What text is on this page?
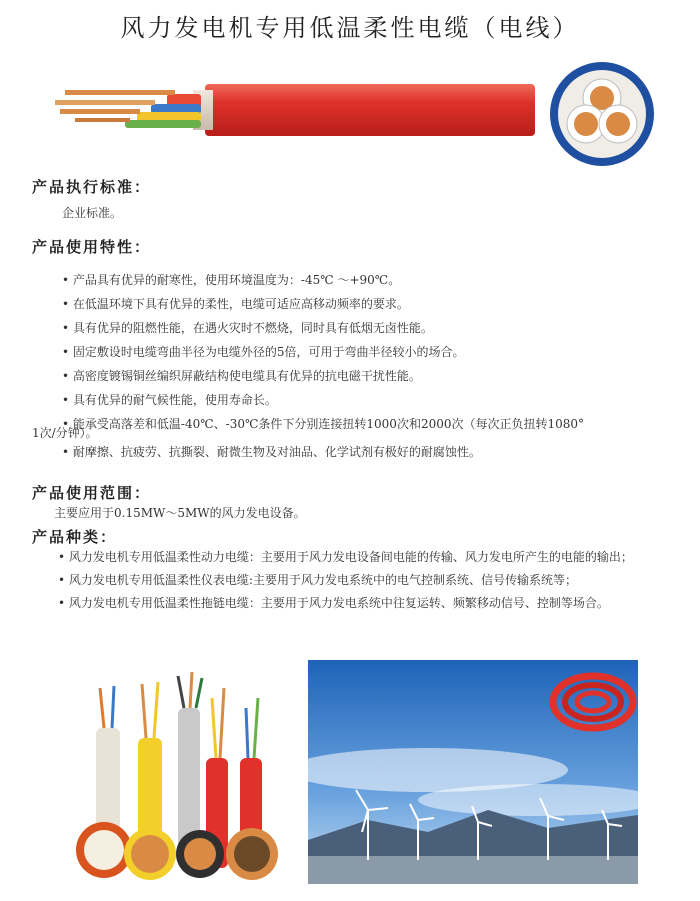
风力发电机专用低温柔性电缆（电线）
产品执行标准：
企业标准。
产品使用特性：
• 产品具有优异的耐寒性，使用环境温度为：-45℃ ～+90℃。
• 在低温环境下具有优异的柔性，电缆可适应高移动频率的要求。
• 具有优异的阻燃性能，在遇火灾时不燃烧，同时具有低烟无卤性能。
• 固定敷设时电缆弯曲半径为电缆外径的5倍，可用于弯曲半径较小的场合。
• 高密度镀锡铜丝编织屏蔽结构使电缆具有优异的抗电磁干扰性能。
• 具有优异的耐气候性能，使用寿命长。
• 能承受高落差和低温-40℃、-30℃条件下分别连接扭转1000次和2000次（每次正负扭转1080°
1次/分钟）。
• 耐摩擦、抗疲劳、抗撕裂、耐微生物及对油品、化学试剂有极好的耐腐蚀性。
产品使用范围：
主要应用于0.15MW～5MW的风力发电设备。
产品种类：
• 风力发电机专用低温柔性动力电缆：主要用于风力发电设备间电能的传输、风力发电所产生的电能的输出；
• 风力发电机专用低温柔性仪表电缆:主要用于风力发电系统中的电气控制系统、信号传输系统等；
• 风力发电机专用低温柔性拖链电缆：主要用于风力发电系统中往复运转、频繁移动信号、控制等场合。
